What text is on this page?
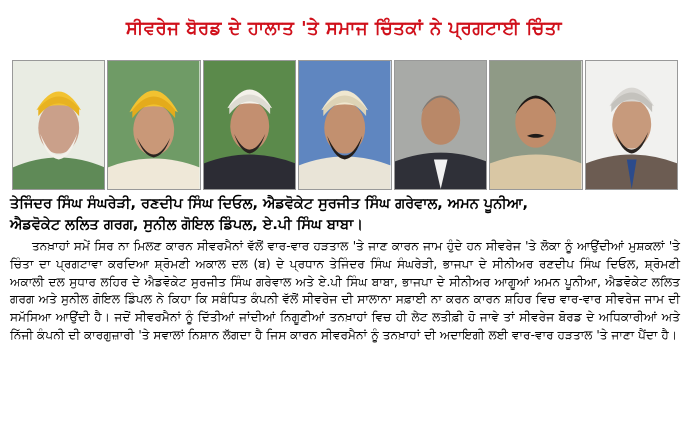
ਸੀਵਰੇਜ ਬੋਰਡ ਦੇ ਹਾਲਾਤ 'ਤੇ ਸਮਾਜ ਚਿੰਤਕਾਂ ਨੇ ਪ੍ਰਗਟਾਈ ਚਿੰਤਾ
ਤੇਜਿੰਦਰ ਸਿੰਘ ਸੰਘਰੇੜੀ, ਰਣਦੀਪ ਸਿੰਘ ਦਿਓਲ, ਐਡਵੋਕੇਟ ਸੁਰਜੀਤ ਸਿੰਘ ਗਰੇਵਾਲ, ਅਮਨ ਪੂਨੀਆ,
ਐਡਵੋਕੇਟ ਲਲਿਤ ਗਰਗ, ਸੁਨੀਲ ਗੋਇਲ ਡਿੰਪਲ, ਏ.ਪੀ ਸਿੰਘ ਬਾਬਾ।

ਤਨਖ਼ਾਹਾਂ ਸਮੇਂ ਸਿਰ ਨਾ ਮਿਲਣ ਕਾਰਨ ਸੀਵਰਮੈਨਾਂ ਵੱਲੋਂ ਵਾਰ-ਵਾਰ ਹੜਤਾਲ 'ਤੇ ਜਾਣ ਕਾਰਨ ਜਾਮ ਹੁੰਦੇ ਹਨ ਸੀਵਰੇਜ 'ਤੇ ਲੋਕਾ ਨੂੰ ਆਉਂਦੀਆਂ ਮੁਸ਼ਕਲਾਂ 'ਤੇ ਚਿੰਤਾ ਦਾ ਪ੍ਰਗਟਾਵਾ ਕਰਦਿਆ ਸ਼੍ਰੋਮਣੀ ਅਕਾਲ ਦਲ (ਬ) ਦੇ ਪ੍ਰਧਾਨ ਤੇਜਿੰਦਰ ਸਿੰਘ ਸੰਘਰੇੜੀ, ਭਾਜਪਾ ਦੇ ਸੀਨੀਅਰ ਰਣਦੀਪ ਸਿੰਘ ਦਿਓਲ, ਸ਼੍ਰੋਮਣੀ ਅਕਾਲੀ ਦਲ ਸੁਧਾਰ ਲਹਿਰ ਦੇ ਐਡਵੋਕੇਟ ਸੁਰਜੀਤ ਸਿੰਘ ਗਰੇਵਾਲ ਅਤੇ ਏ.ਪੀ ਸਿੰਘ ਬਾਬਾ, ਭਾਜਪਾ ਦੇ ਸੀਨੀਅਰ ਆਗੂਆਂ ਅਮਨ ਪੂਨੀਆ, ਐਡਵੋਕੇਟ ਲਲਿਤ ਗਰਗ ਅਤੇ ਸੁਨੀਲ ਗੋਇਲ ਡਿੰਪਲ ਨੇ ਕਿਹਾ ਕਿ ਸਬੰਧਿਤ ਕੰਪਨੀ ਵੱਲੋਂ ਸੀਵਰੇਜ ਦੀ ਸਾਲਾਨਾ ਸਫ਼ਾਈ ਨਾ ਕਰਨ ਕਾਰਨ ਸ਼ਹਿਰ ਵਿਚ ਵਾਰ-ਵਾਰ ਸੀਵਰੇਜ ਜਾਮ ਦੀ ਸਮੱਸਿਆ ਆਉਂਦੀ ਹੈ। ਜਦੋਂ ਸੀਵਰਮੈਨਾਂ ਨੂੰ ਦਿੱਤੀਆਂ ਜਾਂਦੀਆਂ ਨਿਗੂਣੀਆਂ ਤਨਖ਼ਾਹਾਂ ਵਿਚ ਹੀ ਲੇਟ ਲਤੀਫ਼ੀ ਹੋ ਜਾਵੇ ਤਾਂ ਸੀਵਰੇਜ ਬੋਰਡ ਦੇ ਅਧਿਕਾਰੀਆਂ ਅਤੇ ਨਿੱਜੀ ਕੰਪਨੀ ਦੀ ਕਾਰਗੁਜ਼ਾਰੀ 'ਤੇ ਸਵਾਲਾਂ ਨਿਸ਼ਾਨ ਲੱਗਦਾ ਹੈ ਜਿਸ ਕਾਰਨ ਸੀਵਰਮੈਨਾਂ ਨੂੰ ਤਨਖ਼ਾਹਾਂ ਦੀ ਅਦਾਇਗੀ ਲਈ ਵਾਰ-ਵਾਰ ਹੜਤਾਲ 'ਤੇ ਜਾਣਾ ਪੈਂਦਾ ਹੈ।
